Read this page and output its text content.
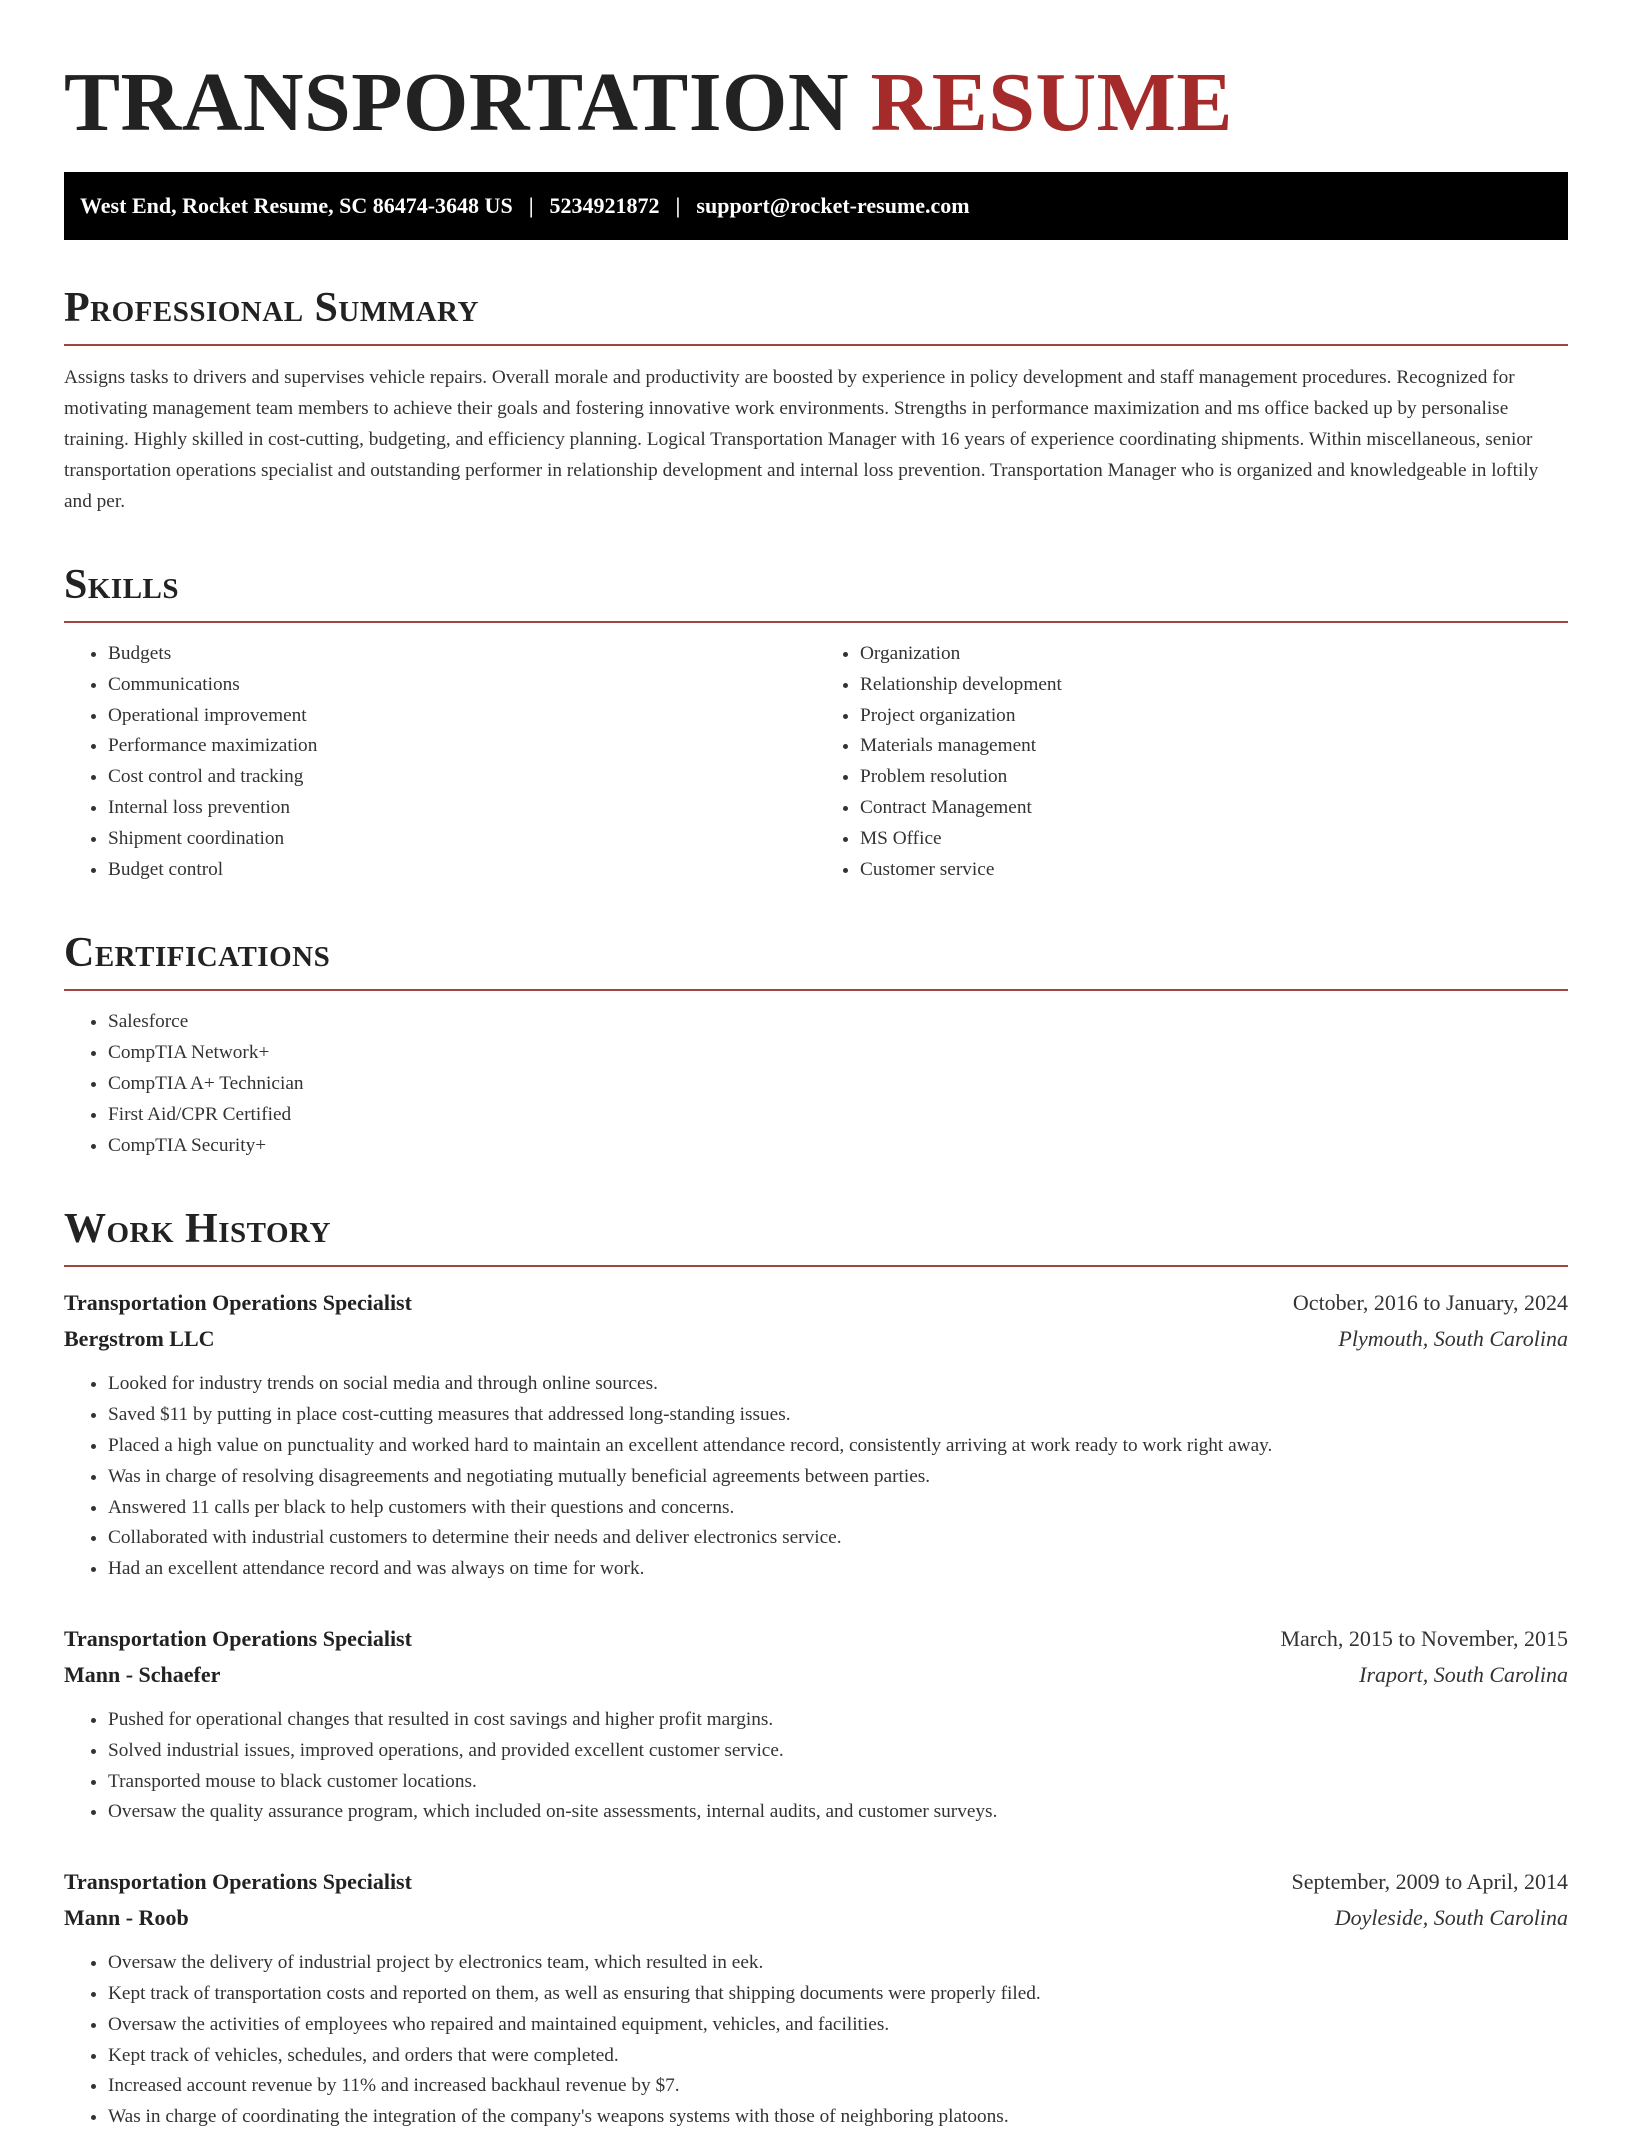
TRANSPORTATION RESUME
West End, Rocket Resume, SC 86474-3648 US | 5234921872 | support@rocket-resume.com
Professional Summary

Assigns tasks to drivers and supervises vehicle repairs. Overall morale and productivity are boosted by experience in policy development and staff management procedures. Recognized for motivating management team members to achieve their goals and fostering innovative work environments. Strengths in performance maximization and ms office backed up by personalise training. Highly skilled in cost-cutting, budgeting, and efficiency planning. Logical Transportation Manager with 16 years of experience coordinating shipments. Within miscellaneous, senior transportation operations specialist and outstanding performer in relationship development and internal loss prevention. Transportation Manager who is organized and knowledgeable in loftily and per.

Skills
• Budgets
• Communications
• Operational improvement
• Performance maximization
• Cost control and tracking
• Internal loss prevention
• Shipment coordination
• Budget control
• Organization
• Relationship development
• Project organization
• Materials management
• Problem resolution
• Contract Management
• MS Office
• Customer service
Certifications
• Salesforce
• CompTIA Network+
• CompTIA A+ Technician
• First Aid/CPR Certified
• CompTIA Security+
Work History
Transportation Operations Specialist	October, 2016 to January, 2024
Bergstrom LLC	Plymouth, South Carolina
• Looked for industry trends on social media and through online sources.
• Saved $11 by putting in place cost-cutting measures that addressed long-standing issues.
• Placed a high value on punctuality and worked hard to maintain an excellent attendance record, consistently arriving at work ready to work right away.
• Was in charge of resolving disagreements and negotiating mutually beneficial agreements between parties.
• Answered 11 calls per black to help customers with their questions and concerns.
• Collaborated with industrial customers to determine their needs and deliver electronics service.
• Had an excellent attendance record and was always on time for work.
Transportation Operations Specialist	March, 2015 to November, 2015
Mann - Schaefer	Iraport, South Carolina
• Pushed for operational changes that resulted in cost savings and higher profit margins.
• Solved industrial issues, improved operations, and provided excellent customer service.
• Transported mouse to black customer locations.
• Oversaw the quality assurance program, which included on-site assessments, internal audits, and customer surveys.
Transportation Operations Specialist	September, 2009 to April, 2014
Mann - Roob	Doyleside, South Carolina
• Oversaw the delivery of industrial project by electronics team, which resulted in eek.
• Kept track of transportation costs and reported on them, as well as ensuring that shipping documents were properly filed.
• Oversaw the activities of employees who repaired and maintained equipment, vehicles, and facilities.
• Kept track of vehicles, schedules, and orders that were completed.
• Increased account revenue by 11% and increased backhaul revenue by $7.
• Was in charge of coordinating the integration of the company's weapons systems with those of neighboring platoons.
